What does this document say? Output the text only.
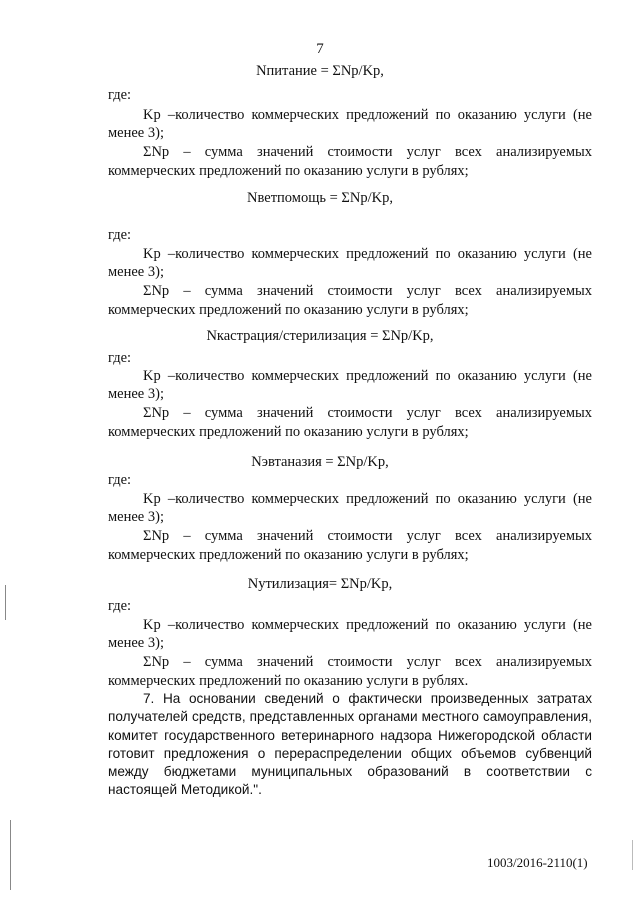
7
Nпитание = ΣNp/Kp,
где:
Kp –количество коммерческих предложений по оказанию услуги (не
менее 3);
ΣNp – сумма значений стоимости услуг всех анализируемых
коммерческих предложений по оказанию услуги в рублях;
Nветпомощь = ΣNp/Kp,
где:
Kp –количество коммерческих предложений по оказанию услуги (не
менее 3);
ΣNp – сумма значений стоимости услуг всех анализируемых
коммерческих предложений по оказанию услуги в рублях;
Nкастрация/стерилизация = ΣNp/Kp,
где:
Kp –количество коммерческих предложений по оказанию услуги (не
менее 3);
ΣNp – сумма значений стоимости услуг всех анализируемых
коммерческих предложений по оказанию услуги в рублях;
Nэвтаназия = ΣNp/Kp,
где:
Kp –количество коммерческих предложений по оказанию услуги (не
менее 3);
ΣNp – сумма значений стоимости услуг всех анализируемых
коммерческих предложений по оказанию услуги в рублях;
Nутилизация= ΣNp/Kp,
где:
Kp –количество коммерческих предложений по оказанию услуги (не
менее 3);
ΣNp – сумма значений стоимости услуг всех анализируемых
коммерческих предложений по оказанию услуги в рублях.
7. На основании сведений о фактически произведенных затратах
получателей средств, представленных органами местного самоуправления,
комитет государственного ветеринарного надзора Нижегородской области
готовит предложения о перераспределении общих объемов субвенций
между бюджетами муниципальных образований в соответствии с
настоящей Методикой.".
1003/2016-2110(1)
